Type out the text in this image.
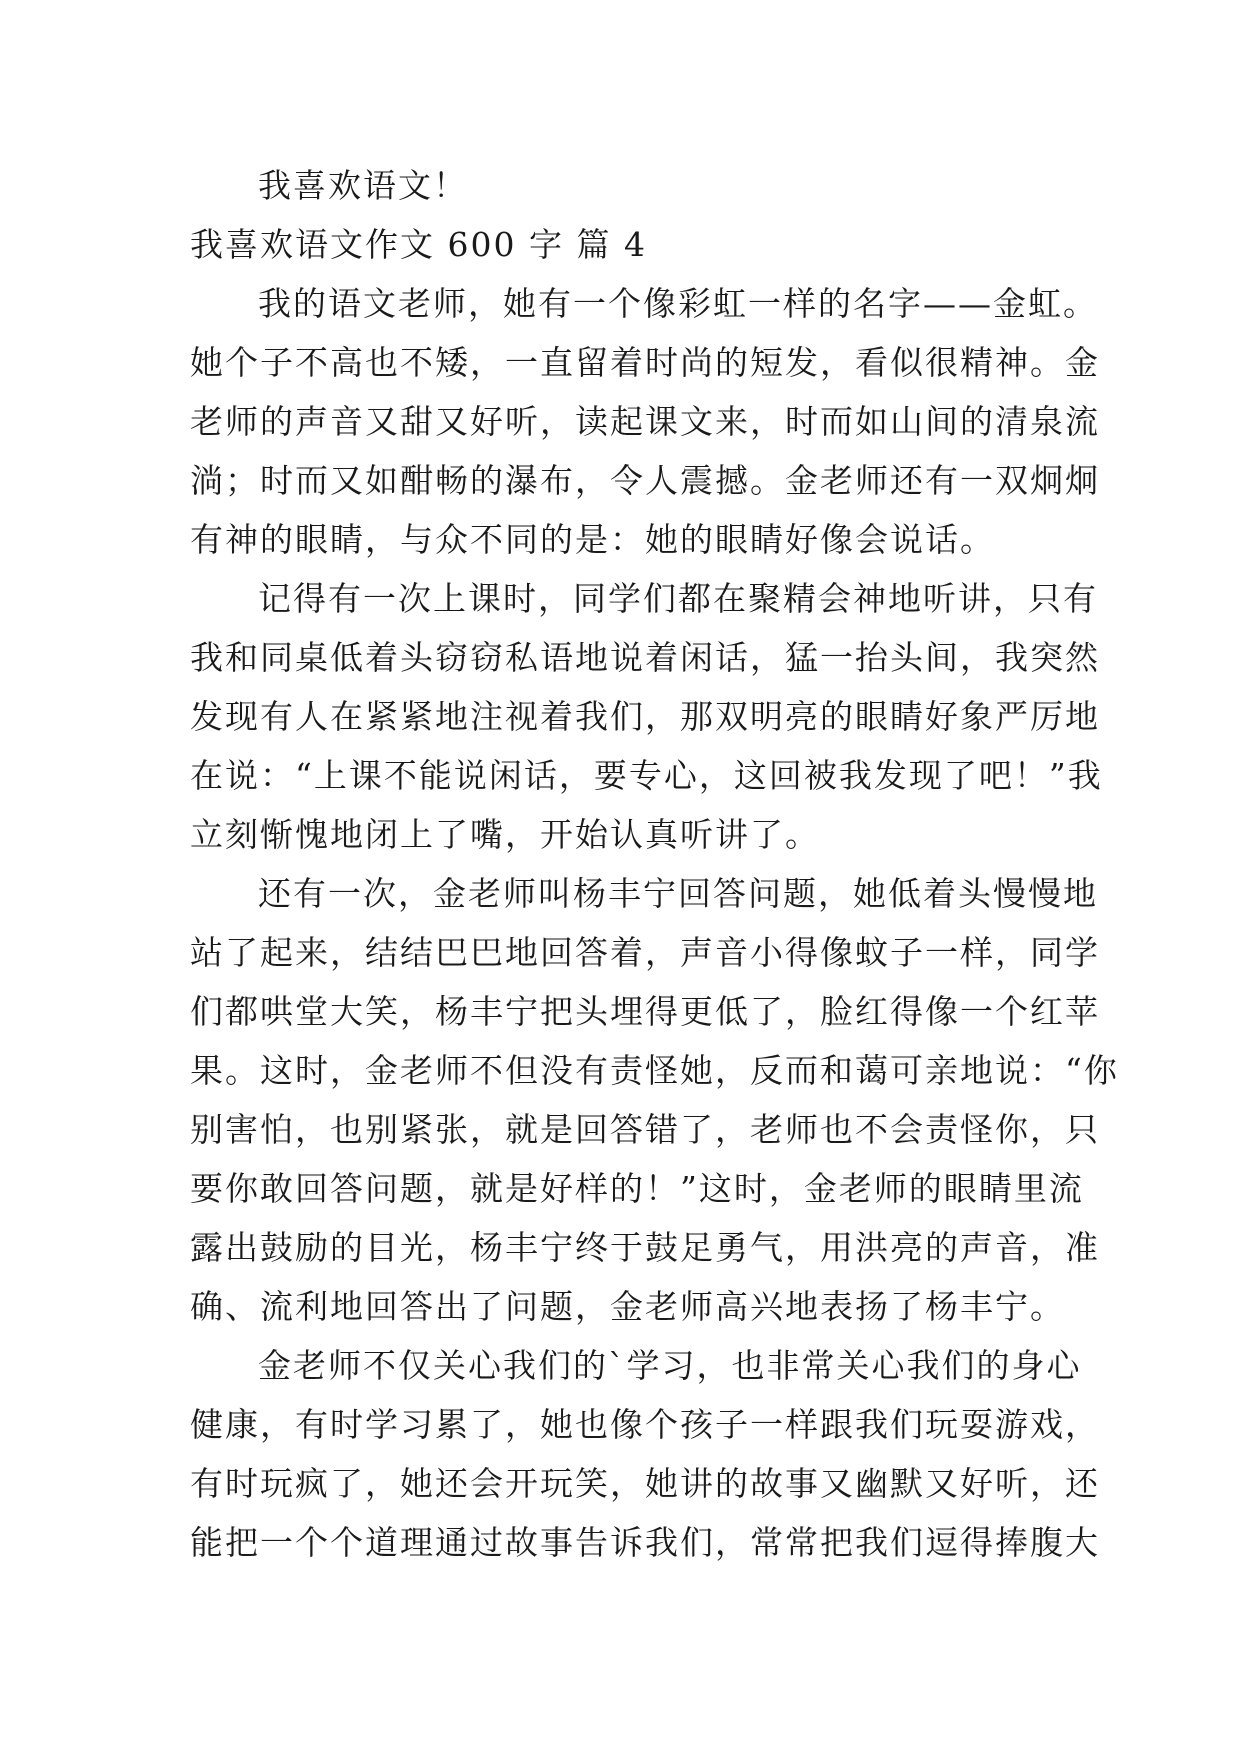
我喜欢语文！
我喜欢语文作文 600 字 篇 4
我的语文老师，她有一个像彩虹一样的名字——金虹。
她个子不高也不矮，一直留着时尚的短发，看似很精神。金
老师的声音又甜又好听，读起课文来，时而如山间的清泉流
淌；时而又如酣畅的瀑布，令人震撼。金老师还有一双炯炯
有神的眼睛，与众不同的是：她的眼睛好像会说话。
记得有一次上课时，同学们都在聚精会神地听讲，只有
我和同桌低着头窃窃私语地说着闲话，猛一抬头间，我突然
发现有人在紧紧地注视着我们，那双明亮的眼睛好象严厉地
在说：“上课不能说闲话，要专心，这回被我发现了吧！”我
立刻惭愧地闭上了嘴，开始认真听讲了。
还有一次，金老师叫杨丰宁回答问题，她低着头慢慢地
站了起来，结结巴巴地回答着，声音小得像蚊子一样，同学
们都哄堂大笑，杨丰宁把头埋得更低了，脸红得像一个红苹
果。这时，金老师不但没有责怪她，反而和蔼可亲地说：“你
别害怕，也别紧张，就是回答错了，老师也不会责怪你，只
要你敢回答问题，就是好样的！”这时，金老师的眼睛里流
露出鼓励的目光，杨丰宁终于鼓足勇气，用洪亮的声音，准
确、流利地回答出了问题，金老师高兴地表扬了杨丰宁。
金老师不仅关心我们的`学习，也非常关心我们的身心
健康，有时学习累了，她也像个孩子一样跟我们玩耍游戏，
有时玩疯了，她还会开玩笑，她讲的故事又幽默又好听，还
能把一个个道理通过故事告诉我们，常常把我们逗得捧腹大
